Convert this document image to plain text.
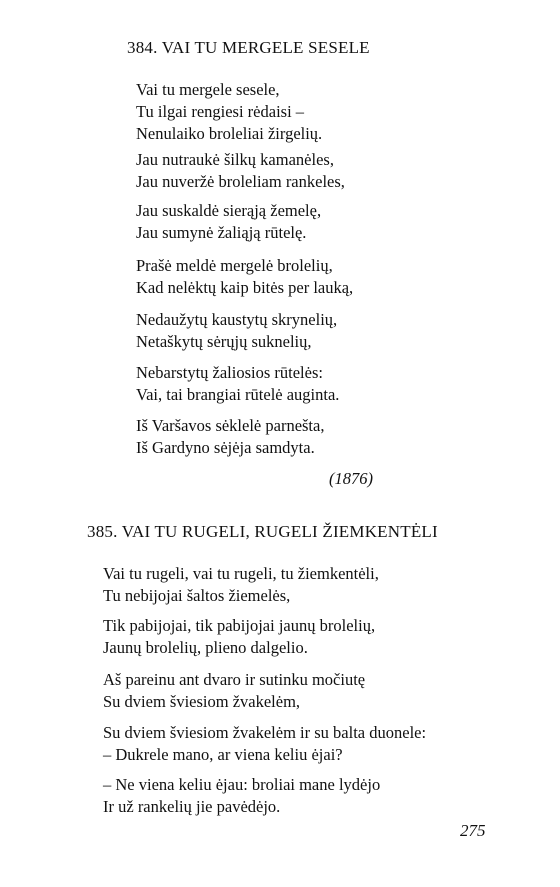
384. VAI TU MERGELE SESELE
Vai tu mergele sesele,
Tu ilgai rengiesi rėdaisi –
Nenulaiko broleliai žirgelių.
Jau nutraukė šilkų kamanėles,
Jau nuveržė broleliam rankeles,
Jau suskaldė sierąją žemelę,
Jau sumynė žaliąją rūtelę.
Prašė meldė mergelė brolelių,
Kad nelėktų kaip bitės per lauką,
Nedaužytų kaustytų skrynelių,
Netaškytų sėrųjų suknelių,
Nebarstytų žaliosios rūtelės:
Vai, tai brangiai rūtelė auginta.
Iš Varšavos sėklelė parnešta,
Iš Gardyno sėjėja samdyta.
(1876)
385. VAI TU RUGELI, RUGELI ŽIEMKENTĖLI
Vai tu rugeli, vai tu rugeli, tu žiemkentėli,
Tu nebijojai šaltos žiemelės,
Tik pabijojai, tik pabijojai jaunų brolelių,
Jaunų brolelių, plieno dalgelio.
Aš pareinu ant dvaro ir sutinku močiutę
Su dviem šviesiom žvakelėm,
Su dviem šviesiom žvakelėm ir su balta duonele:
– Dukrele mano, ar viena keliu ėjai?
– Ne viena keliu ėjau: broliai mane lydėjo
Ir už rankelių jie pavėdėjo.
275
